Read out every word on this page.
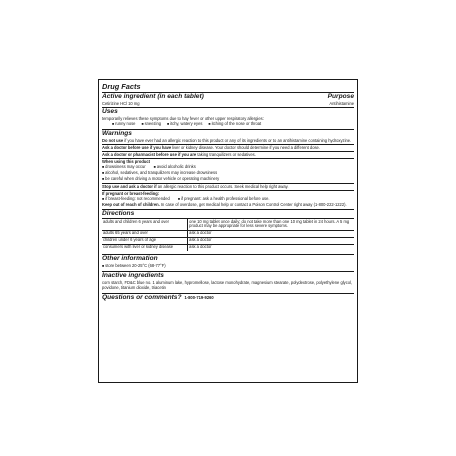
Drug Facts
Active ingredient (in each tablet)	Purpose
Cetirizine HCl 10 mg	Antihistamine
Uses
temporarily relieves these symptoms due to hay fever or other upper respiratory allergies:
■ runny nose	■ sneezing	■ itchy, watery eyes	■ itching of the nose or throat
Warnings
Do not use if you have ever had an allergic reaction to this product or any of its ingredients or to an antihistamine containing hydroxyzine.
Ask a doctor before use if you have liver or kidney disease. Your doctor should determine if you need a different dose.
Ask a doctor or pharmacist before use if you are taking tranquilizers or sedatives.
When using this product
■ drowsiness may occur	■ avoid alcoholic drinks
■ alcohol, sedatives, and tranquilizers may increase drowsiness
■ be careful when driving a motor vehicle or operating machinery
Stop use and ask a doctor if an allergic reaction to this product occurs. Seek medical help right away.
If pregnant or breast-feeding:
■ if breast-feeding: not recommended	■ if pregnant: ask a health professional before use.
Keep out of reach of children. In case of overdose, get medical help or contact a Poison Control Center right away (1-800-222-1222).
Directions
adults and children 6 years and over	one 10 mg tablet once daily; do not take more than one 10 mg tablet in 24 hours. A 5 mg product may be appropriate for less severe symptoms.
adults 65 years and over	ask a doctor
children under 6 years of age	ask a doctor
consumers with liver or kidney disease	ask a doctor
Other information
■ store between 20-25°C (68-77°F)
Inactive ingredients
corn starch, FD&C blue no. 1 aluminum lake, hypromellose, lactose monohydrate, magnesium stearate, polydextrose, polyethylene glycol, povidone, titanium dioxide, triacetin
Questions or comments? 1-800-719-9260
